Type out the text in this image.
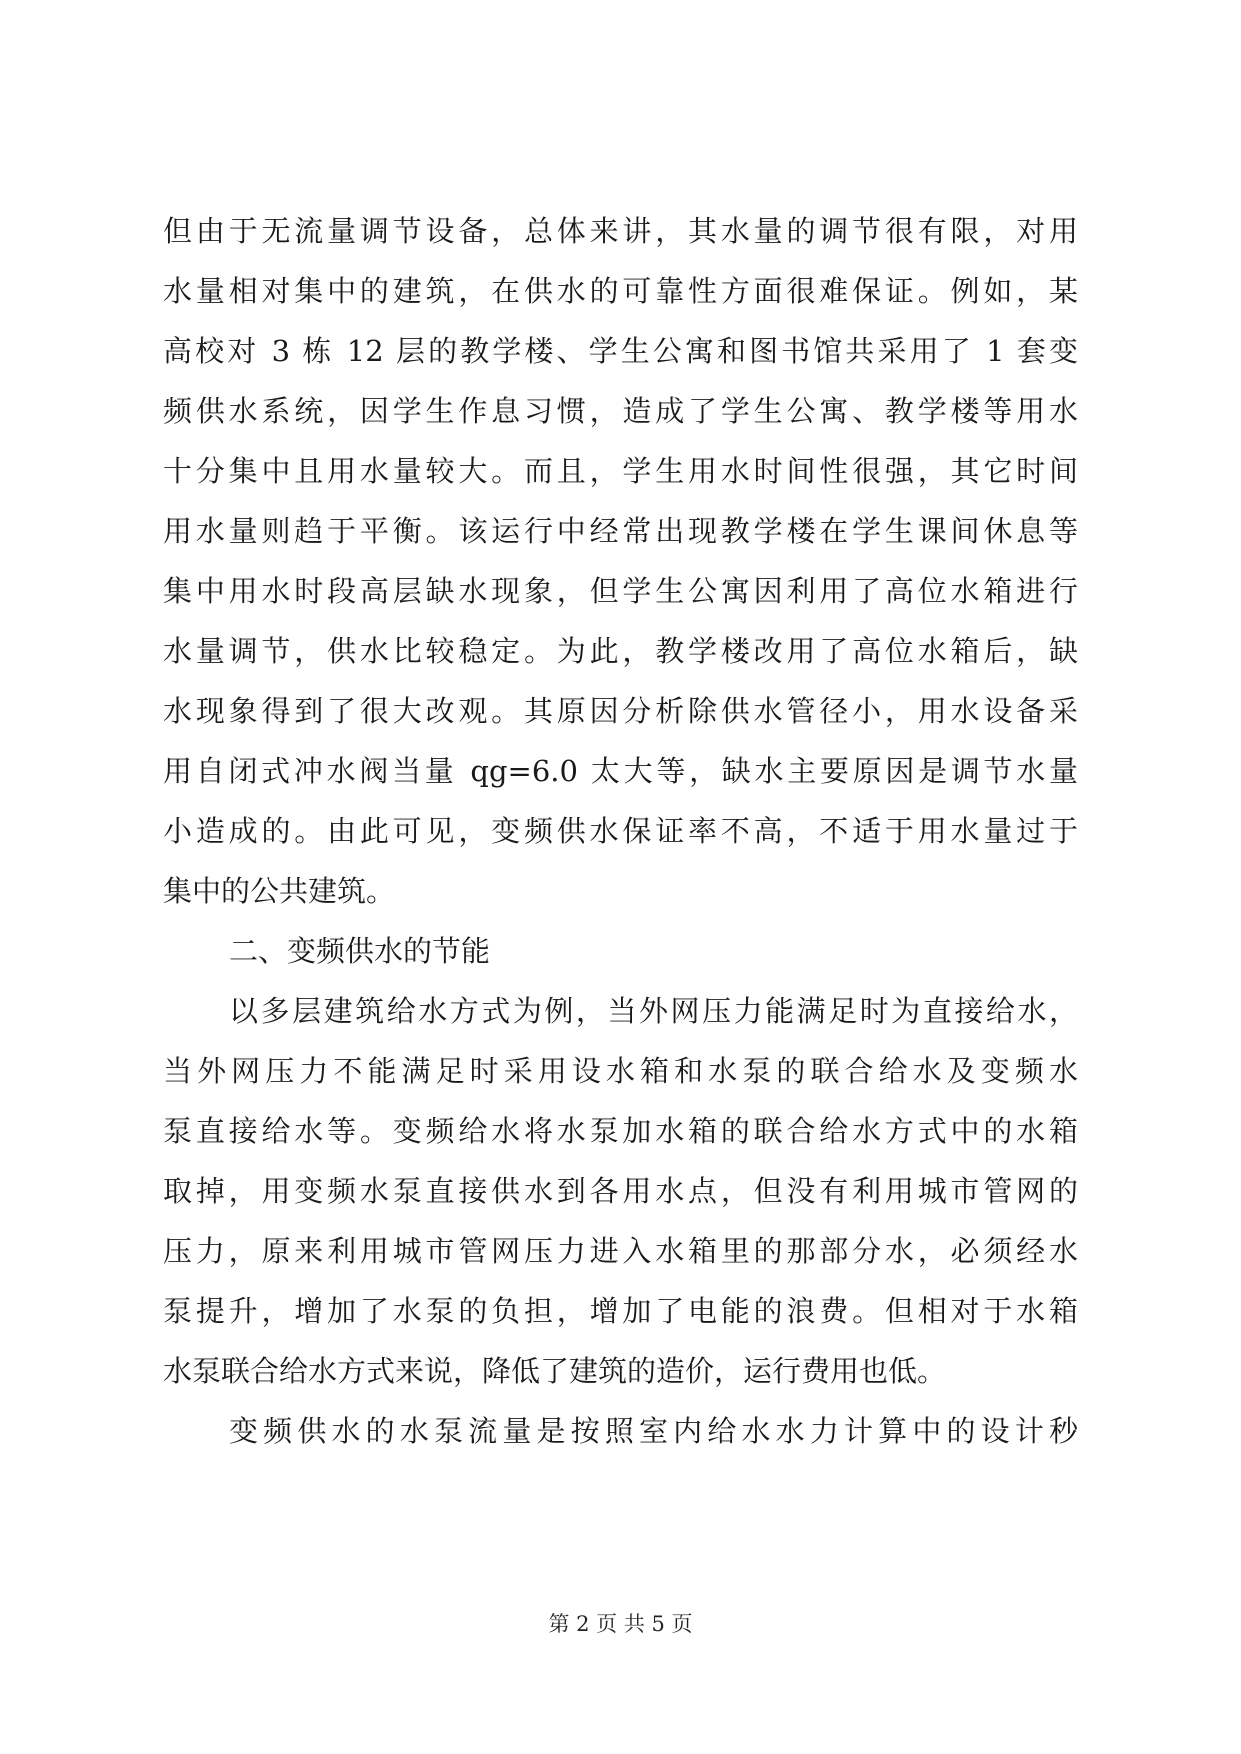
但由于无流量调节设备，总体来讲，其水量的调节很有限，对用
水量相对集中的建筑，在供水的可靠性方面很难保证。例如，某
高校对 3 栋 12 层的教学楼、学生公寓和图书馆共采用了 1 套变
频供水系统，因学生作息习惯，造成了学生公寓、教学楼等用水
十分集中且用水量较大。而且，学生用水时间性很强，其它时间
用水量则趋于平衡。该运行中经常出现教学楼在学生课间休息等
集中用水时段高层缺水现象，但学生公寓因利用了高位水箱进行
水量调节，供水比较稳定。为此，教学楼改用了高位水箱后，缺
水现象得到了很大改观。其原因分析除供水管径小，用水设备采
用自闭式冲水阀当量 qg=6.0 太大等，缺水主要原因是调节水量
小造成的。由此可见，变频供水保证率不高，不适于用水量过于
集中的公共建筑。
二、变频供水的节能
以多层建筑给水方式为例，当外网压力能满足时为直接给水，
当外网压力不能满足时采用设水箱和水泵的联合给水及变频水
泵直接给水等。变频给水将水泵加水箱的联合给水方式中的水箱
取掉，用变频水泵直接供水到各用水点，但没有利用城市管网的
压力，原来利用城市管网压力进入水箱里的那部分水，必须经水
泵提升，增加了水泵的负担，增加了电能的浪费。但相对于水箱
水泵联合给水方式来说，降低了建筑的造价，运行费用也低。
变频供水的水泵流量是按照室内给水水力计算中的设计秒
第 2 页 共 5 页
